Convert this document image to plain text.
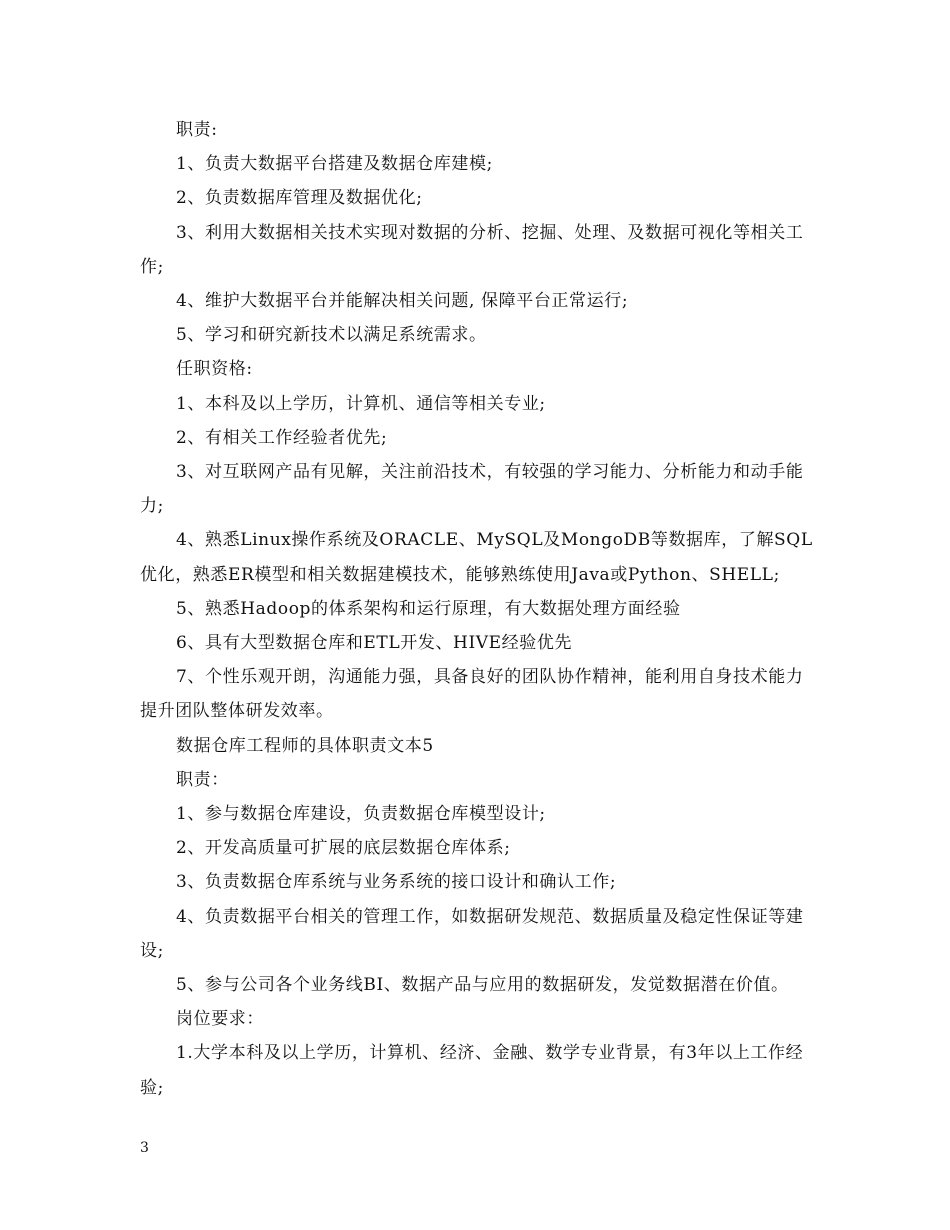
职责:

1、负责大数据平台搭建及数据仓库建模;

2、负责数据库管理及数据优化;

3、利用大数据相关技术实现对数据的分析、挖掘、处理、及数据可视化等相关工作;

4、维护大数据平台并能解决相关问题, 保障平台正常运行;

5、学习和研究新技术以满足系统需求。

任职资格:

1、本科及以上学历，计算机、通信等相关专业;

2、有相关工作经验者优先;

3、对互联网产品有见解，关注前沿技术，有较强的学习能力、分析能力和动手能力;

4、熟悉Linux操作系统及ORACLE、MySQL及MongoDB等数据库，了解SQL优化，熟悉ER模型和相关数据建模技术，能够熟练使用Java或Python、SHELL;

5、熟悉Hadoop的体系架构和运行原理，有大数据处理方面经验

6、具有大型数据仓库和ETL开发、HIVE经验优先

7、个性乐观开朗，沟通能力强，具备良好的团队协作精神，能利用自身技术能力提升团队整体研发效率。

数据仓库工程师的具体职责文本5

职责：

1、参与数据仓库建设，负责数据仓库模型设计;

2、开发高质量可扩展的底层数据仓库体系;

3、负责数据仓库系统与业务系统的接口设计和确认工作;

4、负责数据平台相关的管理工作，如数据研发规范、数据质量及稳定性保证等建设;

5、参与公司各个业务线BI、数据产品与应用的数据研发，发觉数据潜在价值。

岗位要求：

1.大学本科及以上学历，计算机、经济、金融、数学专业背景，有3年以上工作经验;

3
